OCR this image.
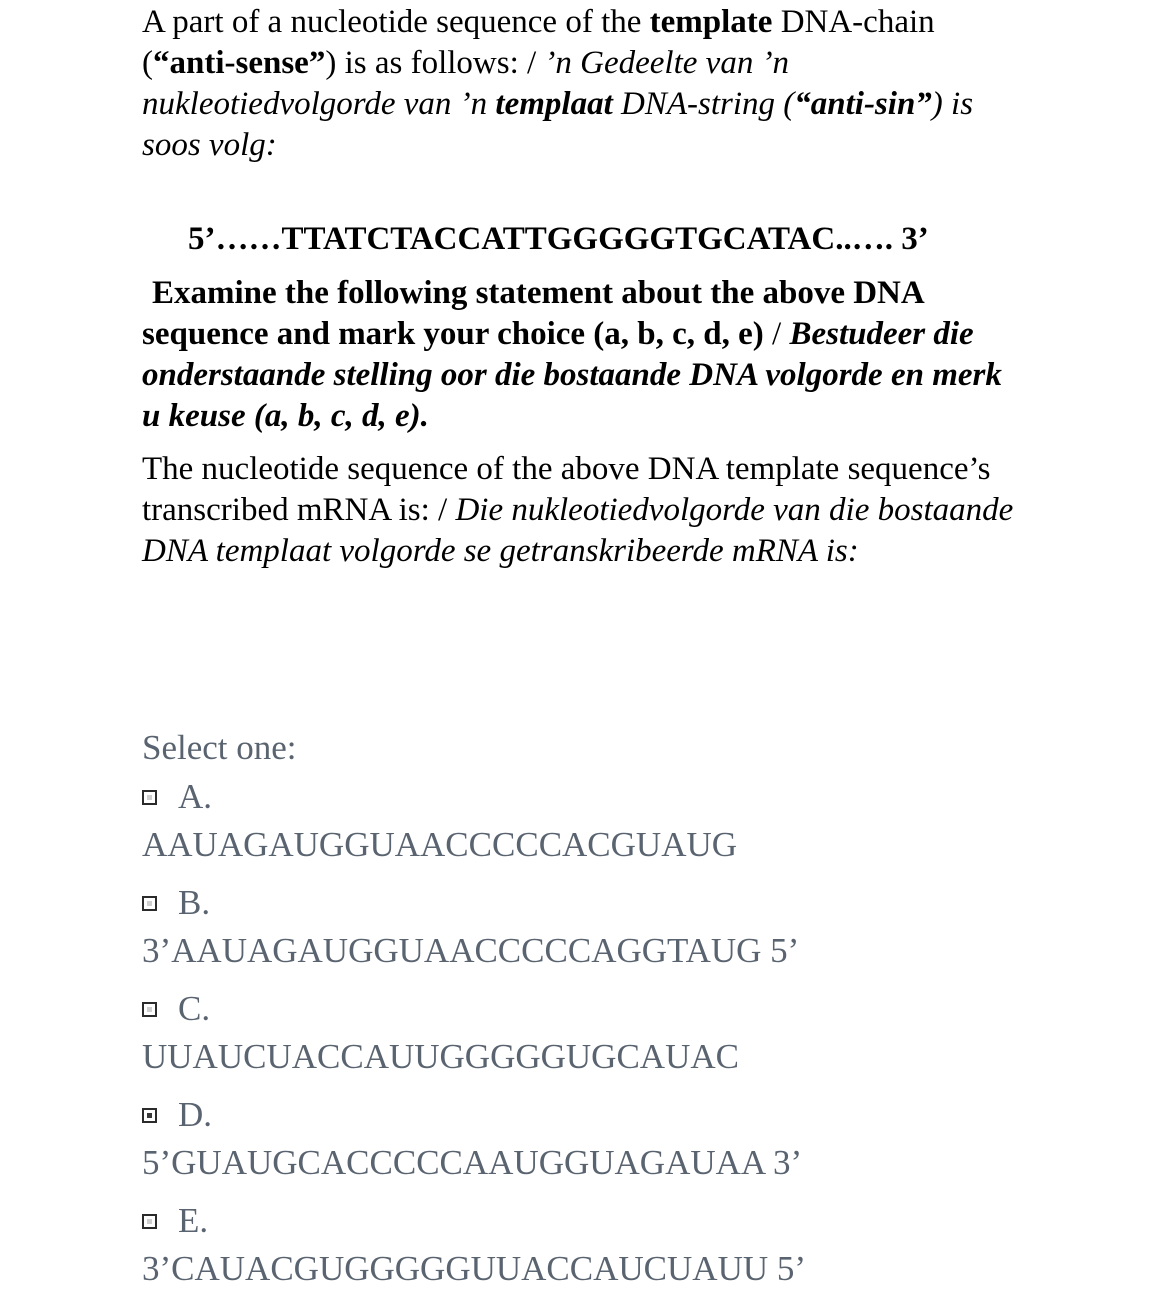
A part of a nucleotide sequence of the template DNA-chain (“anti-sense”) is as follows: / ’n Gedeelte van ’n nukleotiedvolgorde van ’n templaat DNA-string (“anti-sin”) is soos volg:

5’……TTATCTACCATTGGGGGTGCATAC..…. 3’

Examine the following statement about the above DNA sequence and mark your choice (a, b, c, d, e) / Bestudeer die onderstaande stelling oor die bostaande DNA volgorde en merk u keuse (a, b, c, d, e).

The nucleotide sequence of the above DNA template sequence’s transcribed mRNA is: / Die nukleotiedvolgorde van die bostaande DNA templaat volgorde se getranskribeerde mRNA is:

Select one:
A.
AAUAGAUGGUAACCCCCACGUAUG
B.
3’AAUAGAUGGUAACCCCCAGGTAUG 5’
C.
UUAUCUACCAUUGGGGGUGCAUAC
D.
5’GUAUGCACCCCCAAUGGUAGAUAA 3’
E.
3’CAUACGUGGGGGUUACCAUCUAUU 5’
